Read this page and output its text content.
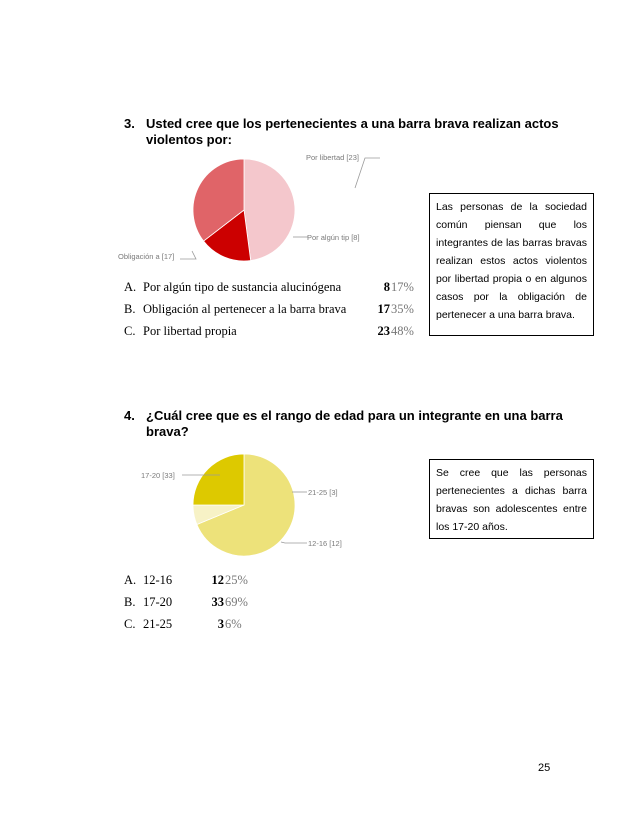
3. Usted cree que los pertenecientes a una barra brava realizan actos violentos por:
Por libertad [23]
Por algún tip [8]
Obligación a [17]
Las personas de la sociedad común piensan que los integrantes de las barras bravas realizan estos actos violentos por libertad propia o en algunos casos por la obligación de pertenecer a una barra brava.
A. Por algún tipo de sustancia alucinógena	8 17%
B. Obligación al pertenecer a la barra brava	17 35%
C. Por libertad propia	23 48%
4. ¿Cuál cree que es el rango de edad para un integrante en una barra brava?
17-20 [33]
21-25 [3]
12-16 [12]
Se cree que las personas pertenecientes a dichas barra bravas son adolescentes entre los 17-20 años.
A. 12-16	12 25%
B. 17-20	33 69%
C. 21-25	3 6%
25
